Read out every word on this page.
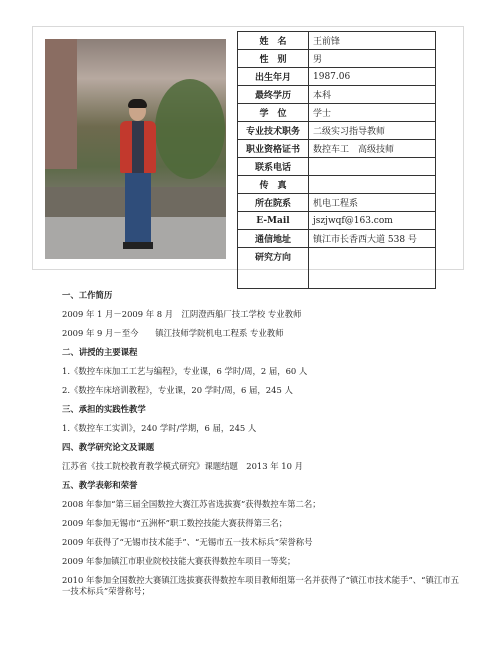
姓　名	王前锋
性　别	男
出生年月	1987.06
最终学历	本科
学　位	学士
专业技术职务	二级实习指导教师
职业资格证书	数控车工　高级技师
联系电话	
传　真	
所在院系	机电工程系
E-Mail	jszjwqf@163.com
通信地址	镇江市长香西大道 538 号
研究方向	
一、工作简历

2009 年 1 月－2009 年 8 月　江阴澄西船厂技工学校 专业教师

2009 年 9 月－至今　　镇江技师学院机电工程系 专业教师

二、讲授的主要课程

1.《数控车床加工工艺与编程》，专业课，6 学时/周，2 届，60 人

2.《数控车床培训教程》，专业课，20 学时/周，6 届，245 人

三、承担的实践性教学

1.《数控车工实训》，240 学时/学期，6 届，245 人

四、教学研究论文及课题

江苏省《技工院校教育教学模式研究》课题结题　2013 年 10 月

五、教学表彰和荣誉

2008 年参加“第三届全国数控大赛江苏省选拔赛”获得数控车第二名；

2009 年参加无锡市“五洲杯”职工数控技能大赛获得第三名；

2009 年获得了“无锡市技术能手”、“无锡市五一技术标兵”荣誉称号

2009 年参加镇江市职业院校技能大赛获得数控车项目一等奖；

2010 年参加全国数控大赛镇江选拔赛获得数控车项目教师组第一名并获得了“镇江市技术能手”、“镇江市五一技术标兵”荣誉称号；
